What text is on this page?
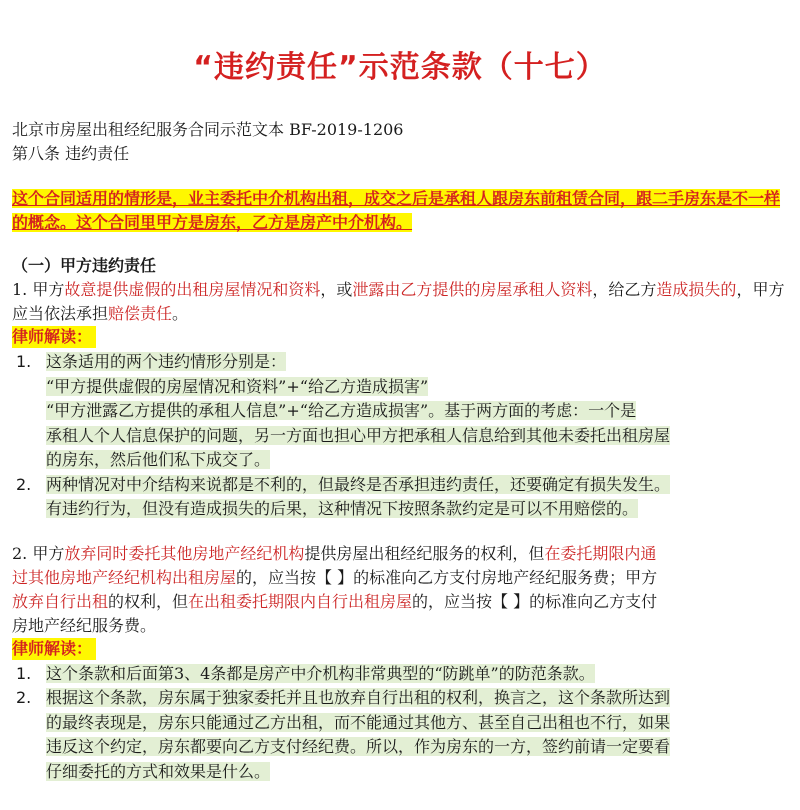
“违约责任”示范条款（十七）
北京市房屋出租经纪服务合同示范文本 BF-2019-1206
第八条 违约责任
这个合同适用的情形是，业主委托中介机构出租，成交之后是承租人跟房东前租赁合同，跟二手房东是不一样的概念。这个合同里甲方是房东，乙方是房产中介机构。
（一）甲方违约责任
1. 甲方故意提供虚假的出租房屋情况和资料，或泄露由乙方提供的房屋承租人资料，给乙方造成损失的，甲方应当依法承担赔偿责任。
律师解读：
1. 这条适用的两个违约情形分别是：
“甲方提供虚假的房屋情况和资料”+“给乙方造成损害”
“甲方泄露乙方提供的承租人信息”+“给乙方造成损害”。基于两方面的考虑：一个是
承租人个人信息保护的问题，另一方面也担心甲方把承租人信息给到其他未委托出租房屋
的房东，然后他们私下成交了。
2. 两种情况对中介结构来说都是不利的，但最终是否承担违约责任，还要确定有损失发生。
有违约行为，但没有造成损失的后果，这种情况下按照条款约定是可以不用赔偿的。
2. 甲方放弃同时委托其他房地产经纪机构提供房屋出租经纪服务的权利，但在委托期限内通
过其他房地产经纪机构出租房屋的，应当按【 】的标准向乙方支付房地产经纪服务费；甲方
放弃自行出租的权利，但在出租委托期限内自行出租房屋的，应当按【 】的标准向乙方支付
房地产经纪服务费。
律师解读：
1. 这个条款和后面第3、4条都是房产中介机构非常典型的“防跳单”的防范条款。
2. 根据这个条款，房东属于独家委托并且也放弃自行出租的权利，换言之，这个条款所达到
的最终表现是，房东只能通过乙方出租，而不能通过其他方、甚至自己出租也不行，如果
违反这个约定，房东都要向乙方支付经纪费。所以，作为房东的一方，签约前请一定要看
仔细委托的方式和效果是什么。
